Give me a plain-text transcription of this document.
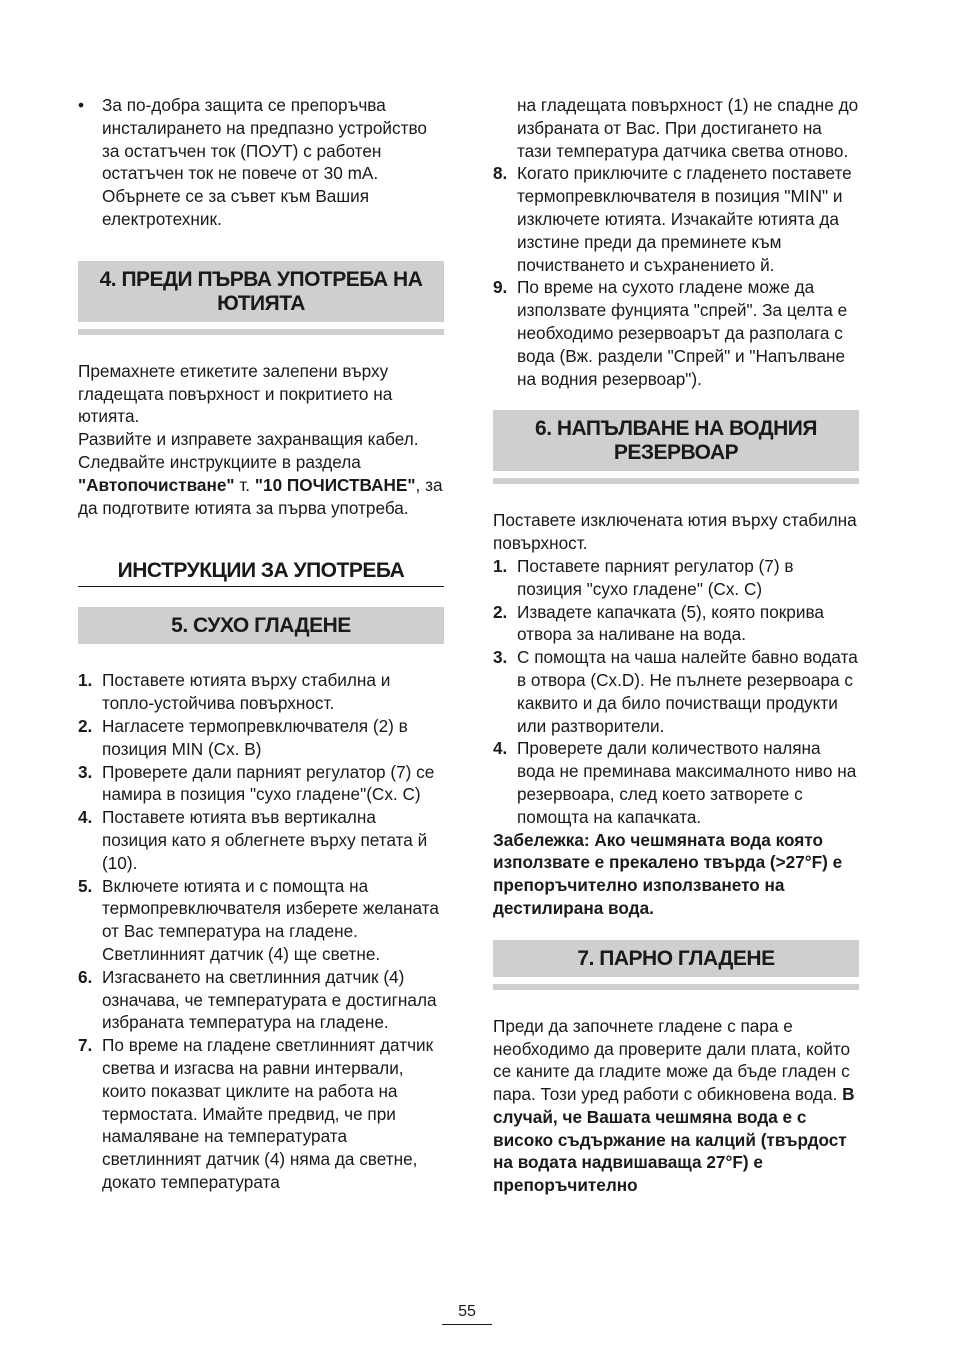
• За по-добра защита се препоръчва инсталирането на предпазно устройство за остатъчен ток (ПОУТ) с работен остатъчен ток не повече от 30 mA. Обърнете се за съвет към Вашия електротехник.

4. ПРЕДИ ПЪРВА УПОТРЕБА НА ЮТИЯТА

Премахнете етикетите залепени върху гладещата повърхност и покритието на ютията.

Развийте и изправете захранващия кабел.

Следвайте инструкциите в раздела "Автопочистване" т. "10 ПОЧИСТВАНЕ", за да подготвите ютията за първа употреба.

ИНСТРУКЦИИ ЗА УПОТРЕБА
5. СУХО ГЛАДЕНЕ
1. Поставете ютията върху стабилна и топло-устойчива повърхност.
2. Нагласете термопревключвателя (2) в позиция MIN (Сх. B)
3. Проверете дали парният регулатор (7) се намира в позиция "сухо гладене"(Сх. C)
4. Поставете ютията във вертикална позиция като я облегнете върху петата й (10).
5. Включете ютията и с помощта на термопревключвателя изберете желаната от Вас температура на гладене. Светлинният датчик (4) ще светне.
6. Изгасването на светлинния датчик (4) означава, че температурата е достигнала избраната температура на гладене.
7. По време на гладене светлинният датчик светва и изгасва на равни интервали, които показват циклите на работа на термостата. Имайте предвид, че при намаляване на температурата светлинният датчик (4) няма да светне, докато температурата

на гладещата повърхност (1) не спадне до избраната от Вас. При достигането на тази температура датчика светва отново.

8. Когато приключите с гладенето поставете термопревключвателя в позиция "MIN" и изключете ютията. Изчакайте ютията да изстине преди да преминете към почистването и съхранението й.
9. По време на сухото гладене може да използвате фунцията "спрей". За целта е необходимо резервоарът да разполага с вода (Вж. раздели "Спрей" и "Напълване на водния резервоар").
6. НАПЪЛВАНЕ НА ВОДНИЯ РЕЗЕРВОАР

Поставете изключената ютия върху стабилна повърхност.

1. Поставете парният регулатор (7) в позиция "сухо гладене" (Сх. C)
2. Извадете капачката (5), която покрива отвора за наливане на вода.
3. С помощта на чаша налейте бавно водата в отвора (Сх.D). Не пълнете резервоара с каквито и да било почистващи продукти или разтворители.
4. Проверете дали количеството наляна вода не преминава максималното ниво на резервоара, след което затворете с помощта на капачката.

Забележка: Ако чешмяната вода която използвате е прекалено твърда (>27°F) е препоръчително използването на дестилирана вода.

7. ПАРНО ГЛАДЕНЕ

Преди да започнете гладене с пара е необходимо да проверите дали плата, който се каните да гладите може да бъде гладен с пара. Този уред работи с обикновена вода. В случай, че Вашата чешмяна вода е с високо съдържание на калций (твърдост на водата надвишаваща 27°F) е препоръчително

55
